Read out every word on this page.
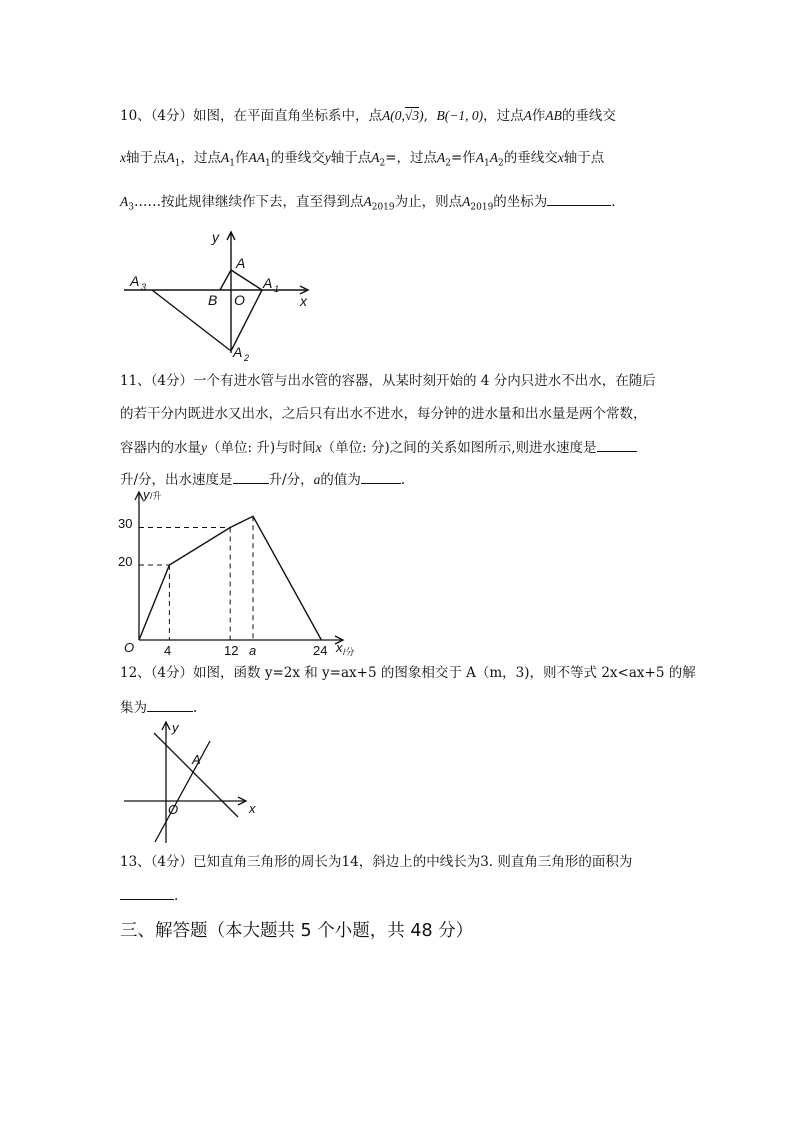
10、（4分）如图，在平面直角坐标系中，点A(0,√3), B(−1, 0)，过点A作AB的垂线交
x轴于点$A_1$，过点$A_1$作$AA_1$的垂线交y轴于点$A_2=$，过点$A_2=$作$A_1A_2$的垂线交x轴于点
$A_3\dots\dots$按此规律继续作下去，直至得到点$A_{2019}$为止，则点$A_{2019}$的坐标为	.
y
x
A
B O
A 1
A 2
A 3
11、（4分）一个有进水管与出水管的容器，从某时刻开始的 4 分内只进水不出水，在随后
的若干分内既进水又出水，之后只有出水不进水，每分钟的进水量和出水量是两个常数，
容器内的水量y（单位: 升)与时间x（单位: 分)之间的关系如图所示,则进水速度是
升/分，出水速度是	升/分，a的值为	.
y /升
x /分
30
20
O 4	12 a	24
12、（4分）如图，函数 y=2x 和 y=ax+5 的图象相交于 A（m，3)，则不等式 2x<ax+5 的解
集为	.
y
A
O	x
13、（4分）已知直角三角形的周长为14，斜边上的中线长为3. 则直角三角形的面积为
.
三、解答题（本大题共 5 个小题，共 48 分）
